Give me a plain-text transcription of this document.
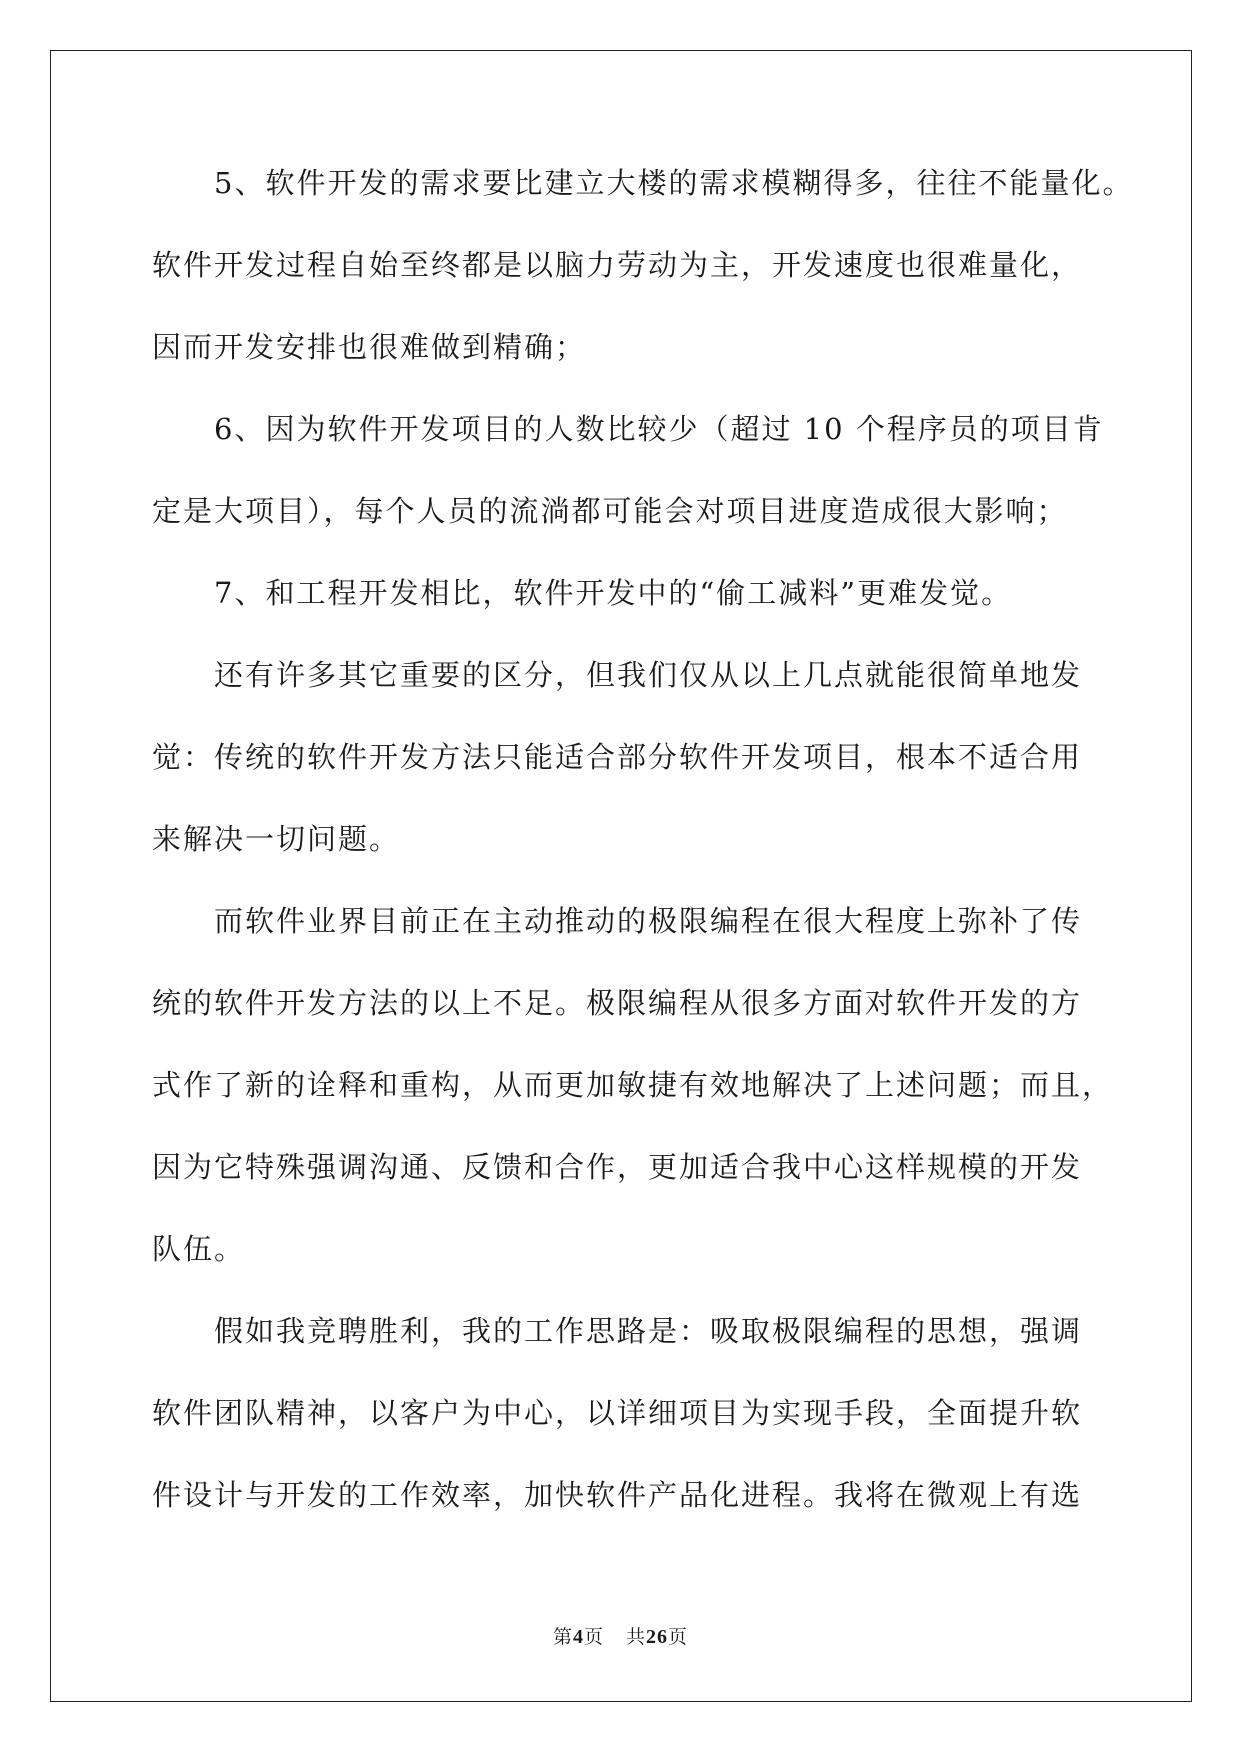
5、软件开发的需求要比建立大楼的需求模糊得多，往往不能量化。
软件开发过程自始至终都是以脑力劳动为主，开发速度也很难量化，
因而开发安排也很难做到精确；
6、因为软件开发项目的人数比较少（超过 10 个程序员的项目肯
定是大项目），每个人员的流淌都可能会对项目进度造成很大影响；
7、和工程开发相比，软件开发中的“偷工减料”更难发觉。
还有许多其它重要的区分，但我们仅从以上几点就能很简单地发
觉：传统的软件开发方法只能适合部分软件开发项目，根本不适合用
来解决一切问题。
而软件业界目前正在主动推动的极限编程在很大程度上弥补了传
统的软件开发方法的以上不足。极限编程从很多方面对软件开发的方
式作了新的诠释和重构，从而更加敏捷有效地解决了上述问题；而且，
因为它特殊强调沟通、反馈和合作，更加适合我中心这样规模的开发
队伍。
假如我竞聘胜利，我的工作思路是：吸取极限编程的思想，强调
软件团队精神，以客户为中心，以详细项目为实现手段，全面提升软
件设计与开发的工作效率，加快软件产品化进程。我将在微观上有选
第4页 共26页
